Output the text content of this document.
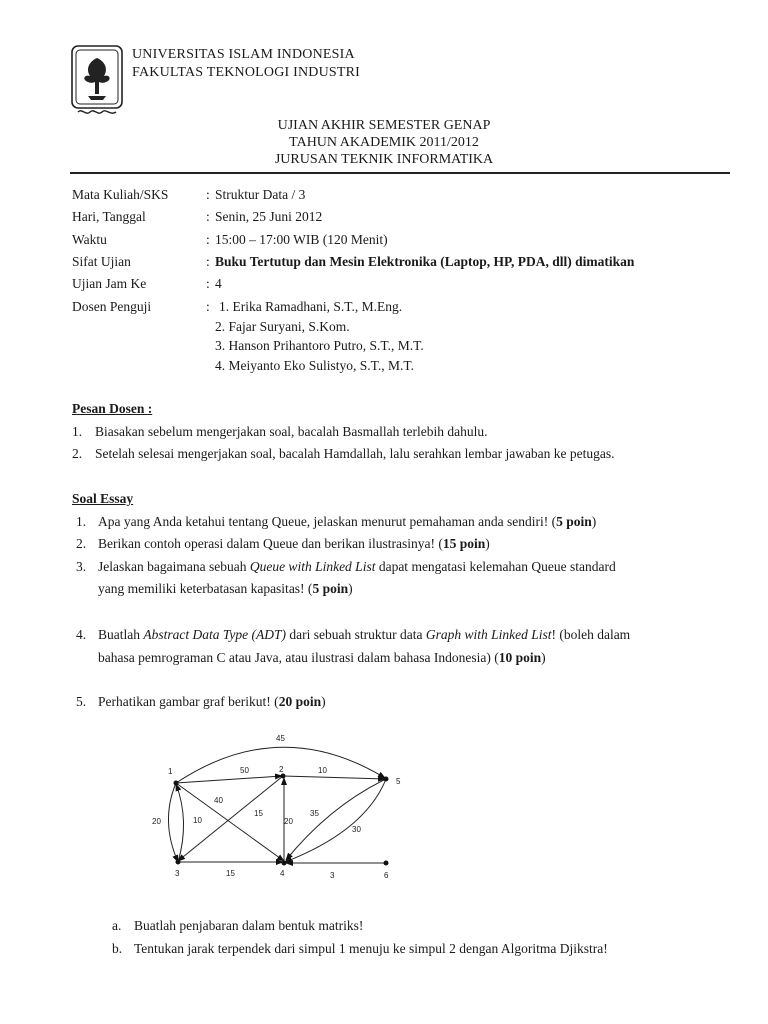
UNIVERSITAS ISLAM INDONESIA
FAKULTAS TEKNOLOGI INDUSTRI
UJIAN AKHIR SEMESTER GENAP
TAHUN AKADEMIK 2011/2012
JURUSAN TEKNIK INFORMATIKA
Mata Kuliah/SKS	: Struktur Data / 3
Hari, Tanggal	: Senin, 25 Juni 2012
Waktu	: 15:00 – 17:00 WIB (120 Menit)
Sifat Ujian	: Buku Tertutup dan Mesin Elektronika (Laptop, HP, PDA, dll) dimatikan
Ujian Jam Ke	: 4
Dosen Penguji	: 1. Erika Ramadhani, S.T., M.Eng.
2. Fajar Suryani, S.Kom.
3. Hanson Prihantoro Putro, S.T., M.T.
4. Meiyanto Eko Sulistyo, S.T., M.T.
Pesan Dosen :
1. Biasakan sebelum mengerjakan soal, bacalah Basmallah terlebih dahulu.
2. Setelah selesai mengerjakan soal, bacalah Hamdallah, lalu serahkan lembar jawaban ke petugas.
Soal Essay
1. Apa yang Anda ketahui tentang Queue, jelaskan menurut pemahaman anda sendiri! (5 poin)
2. Berikan contoh operasi dalam Queue dan berikan ilustrasinya! (15 poin)
3. Jelaskan bagaimana sebuah Queue with Linked List dapat mengatasi kelemahan Queue standard
yang memiliki keterbatasan kapasitas! (5 poin)
4. Buatlah Abstract Data Type (ADT) dari sebuah struktur data Graph with Linked List! (boleh dalam
bahasa pemrograman C atau Java, atau ilustrasi dalam bahasa Indonesia) (10 poin)
5. Perhatikan gambar graf berikut! (20 poin)
1	2
3	4
5
6
45
50	10
40
15
20	10	20
35
30
15	3
a. Buatlah penjabaran dalam bentuk matriks!
b. Tentukan jarak terpendek dari simpul 1 menuju ke simpul 2 dengan Algoritma Djikstra!
